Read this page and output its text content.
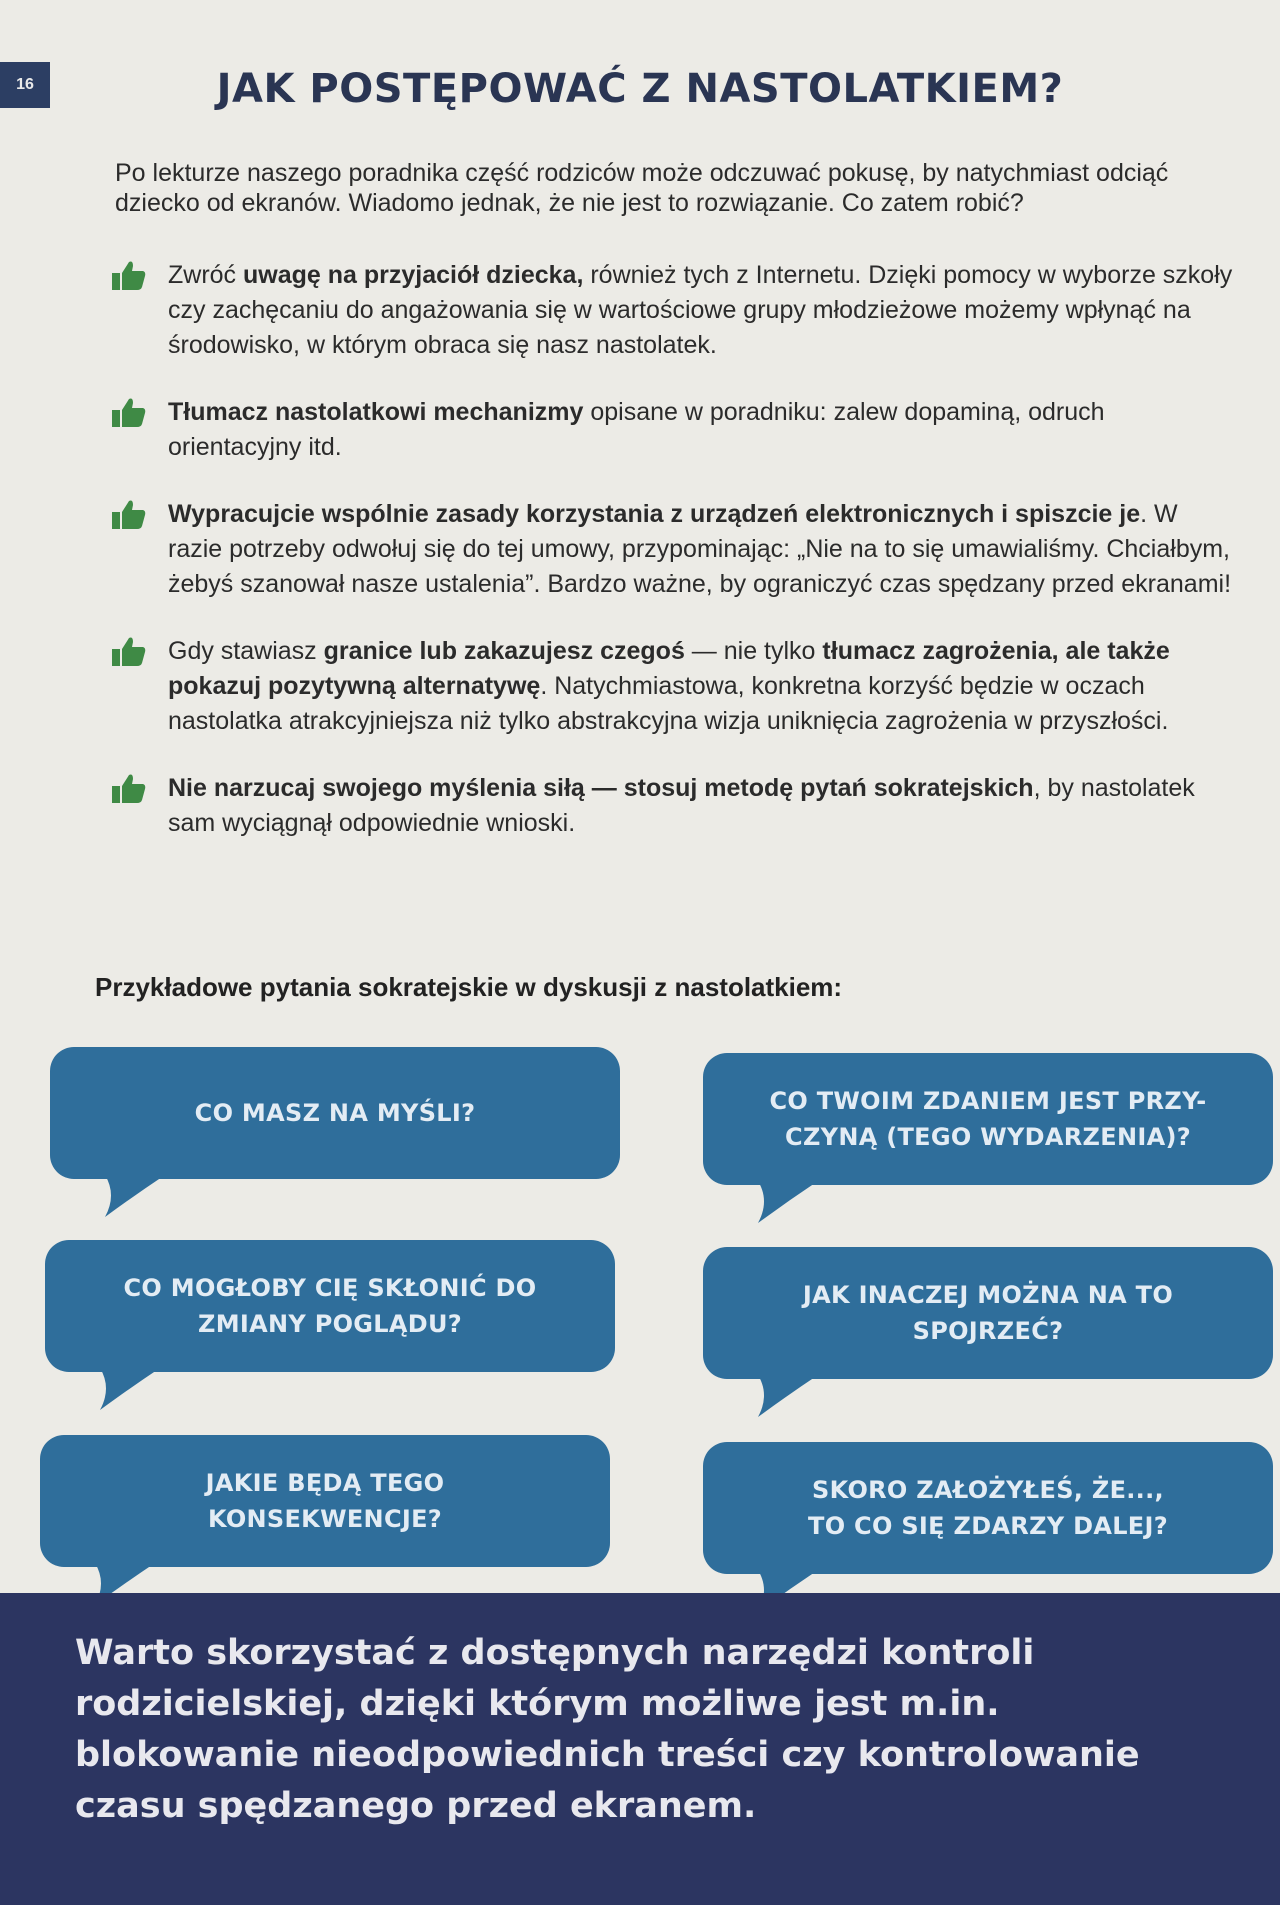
16	JAK POSTĘPOWAĆ Z NASTOLATKIEM?

Po lekturze naszego poradnika część rodziców może odczuwać pokusę, by natychmiast odciąć dziecko od ekranów. Wiadomo jednak, że nie jest to rozwiązanie. Co zatem robić?

Zwróć uwagę na przyjaciół dziecka, również tych z Internetu. Dzięki pomocy w wyborze szkoły czy zachęcaniu do angażowania się w wartościowe grupy młodzieżowe możemy wpłynąć na środowisko, w którym obraca się nasz nastolatek.
Tłumacz nastolatkowi mechanizmy opisane w poradniku: zalew dopaminą, odruch orientacyjny itd.
Wypracujcie wspólnie zasady korzystania z urządzeń elektronicznych i spiszcie je. W razie potrzeby odwołuj się do tej umowy, przypominając: „Nie na to się umawialiśmy. Chciałbym, żebyś szanował nasze ustalenia”. Bardzo ważne, by ograniczyć czas spędzany przed ekranami!
Gdy stawiasz granice lub zakazujesz czegoś — nie tylko tłumacz zagrożenia, ale także pokazuj pozytywną alternatywę. Natychmiastowa, konkretna korzyść będzie w oczach nastolatka atrakcyjniejsza niż tylko abstrakcyjna wizja uniknięcia zagrożenia w przyszłości.
Nie narzucaj swojego myślenia siłą — stosuj metodę pytań sokratejskich, by nastolatek sam wyciągnął odpowiednie wnioski.

Przykładowe pytania sokratejskie w dyskusji z nastolatkiem:

CO MASZ NA MYŚLI?	CO TWOIM ZDANIEM JEST PRZY-
CZYNĄ (TEGO WYDARZENIA)?
CO MOGŁOBY CIĘ SKŁONIĆ DO
ZMIANY POGLĄDU?
JAK INACZEJ MOŻNA NA TO
SPOJRZEĆ?
JAKIE BĘDĄ TEGO
KONSEKWENCJE?
SKORO ZAŁOŻYŁEŚ, ŻE...,
TO CO SIĘ ZDARZY DALEJ?

Warto skorzystać z dostępnych narzędzi kontroli rodzicielskiej, dzięki którym możliwe jest m.in. blokowanie nieodpowiednich treści czy kontrolowanie czasu spędzanego przed ekranem.
